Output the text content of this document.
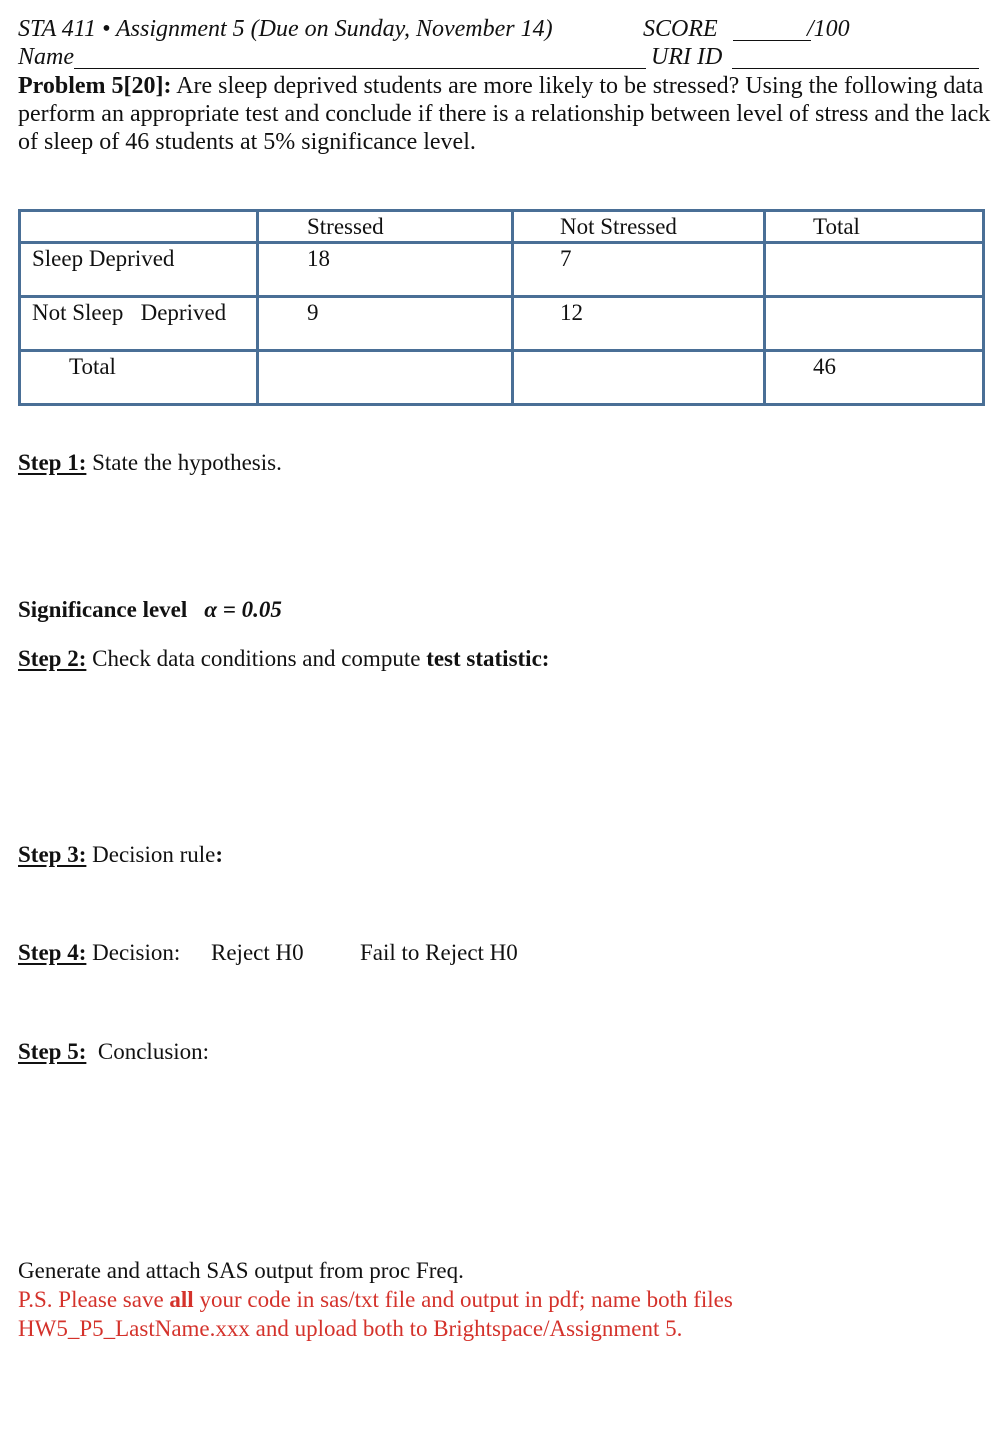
STA 411 • Assignment 5 (Due on Sunday, November 14)	SCORE	/100
Name	URI ID
Problem 5[20]: Are sleep deprived students are more likely to be stressed? Using the following data perform an appropriate test and conclude if there is a relationship between level of stress and the lack of sleep of 46 students at 5% significance level.

	Stressed	Not Stressed	Total

Sleep Deprived	18	7	

Not Sleep   Deprived	9	12	

Total			46
Step 1: State the hypothesis.
Significance level α = 0.05
Step 2: Check data conditions and compute test statistic:
Step 3: Decision rule:
Step 4: Decision: Reject H0 Fail to Reject H0
Step 5:  Conclusion:
Generate and attach SAS output from proc Freq.
P.S. Please save all your code in sas/txt file and output in pdf; name both files
HW5_P5_LastName.xxx and upload both to Brightspace/Assignment 5.
